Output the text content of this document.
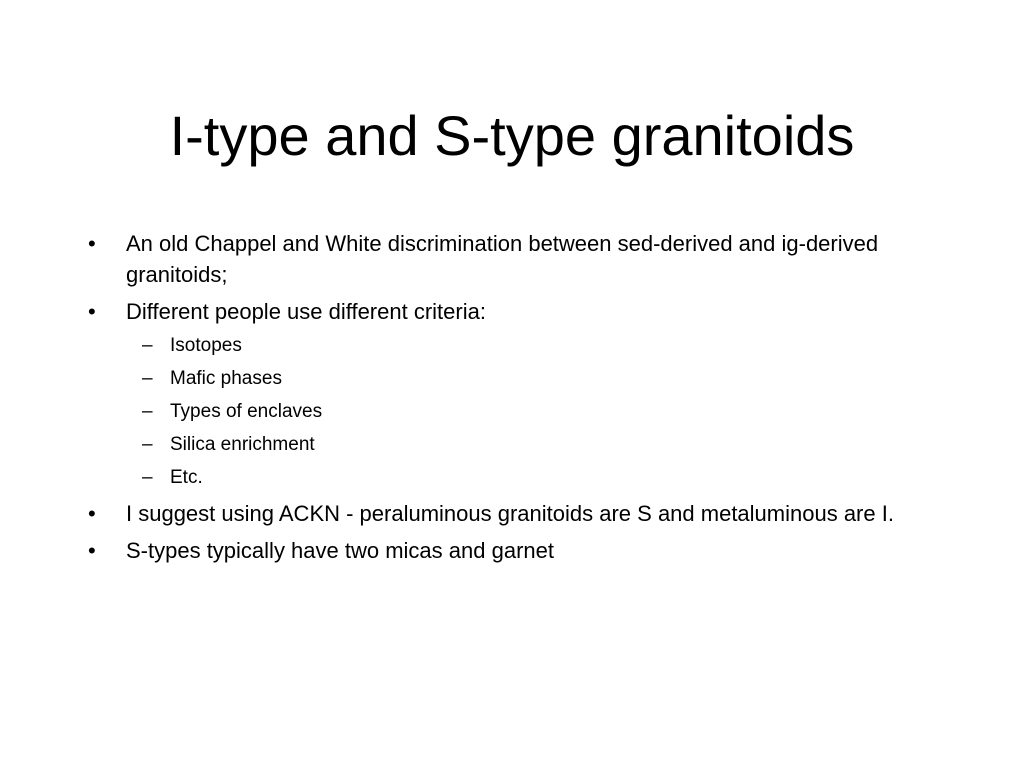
I-type and S-type granitoids
• An old Chappel and White discrimination between sed-derived and ig-derived granitoids;
• Different people use different criteria:
– Isotopes
– Mafic phases
– Types of enclaves
– Silica enrichment
– Etc.
• I suggest using ACKN - peraluminous granitoids are S and metaluminous are I.
• S-types typically have two micas and garnet
